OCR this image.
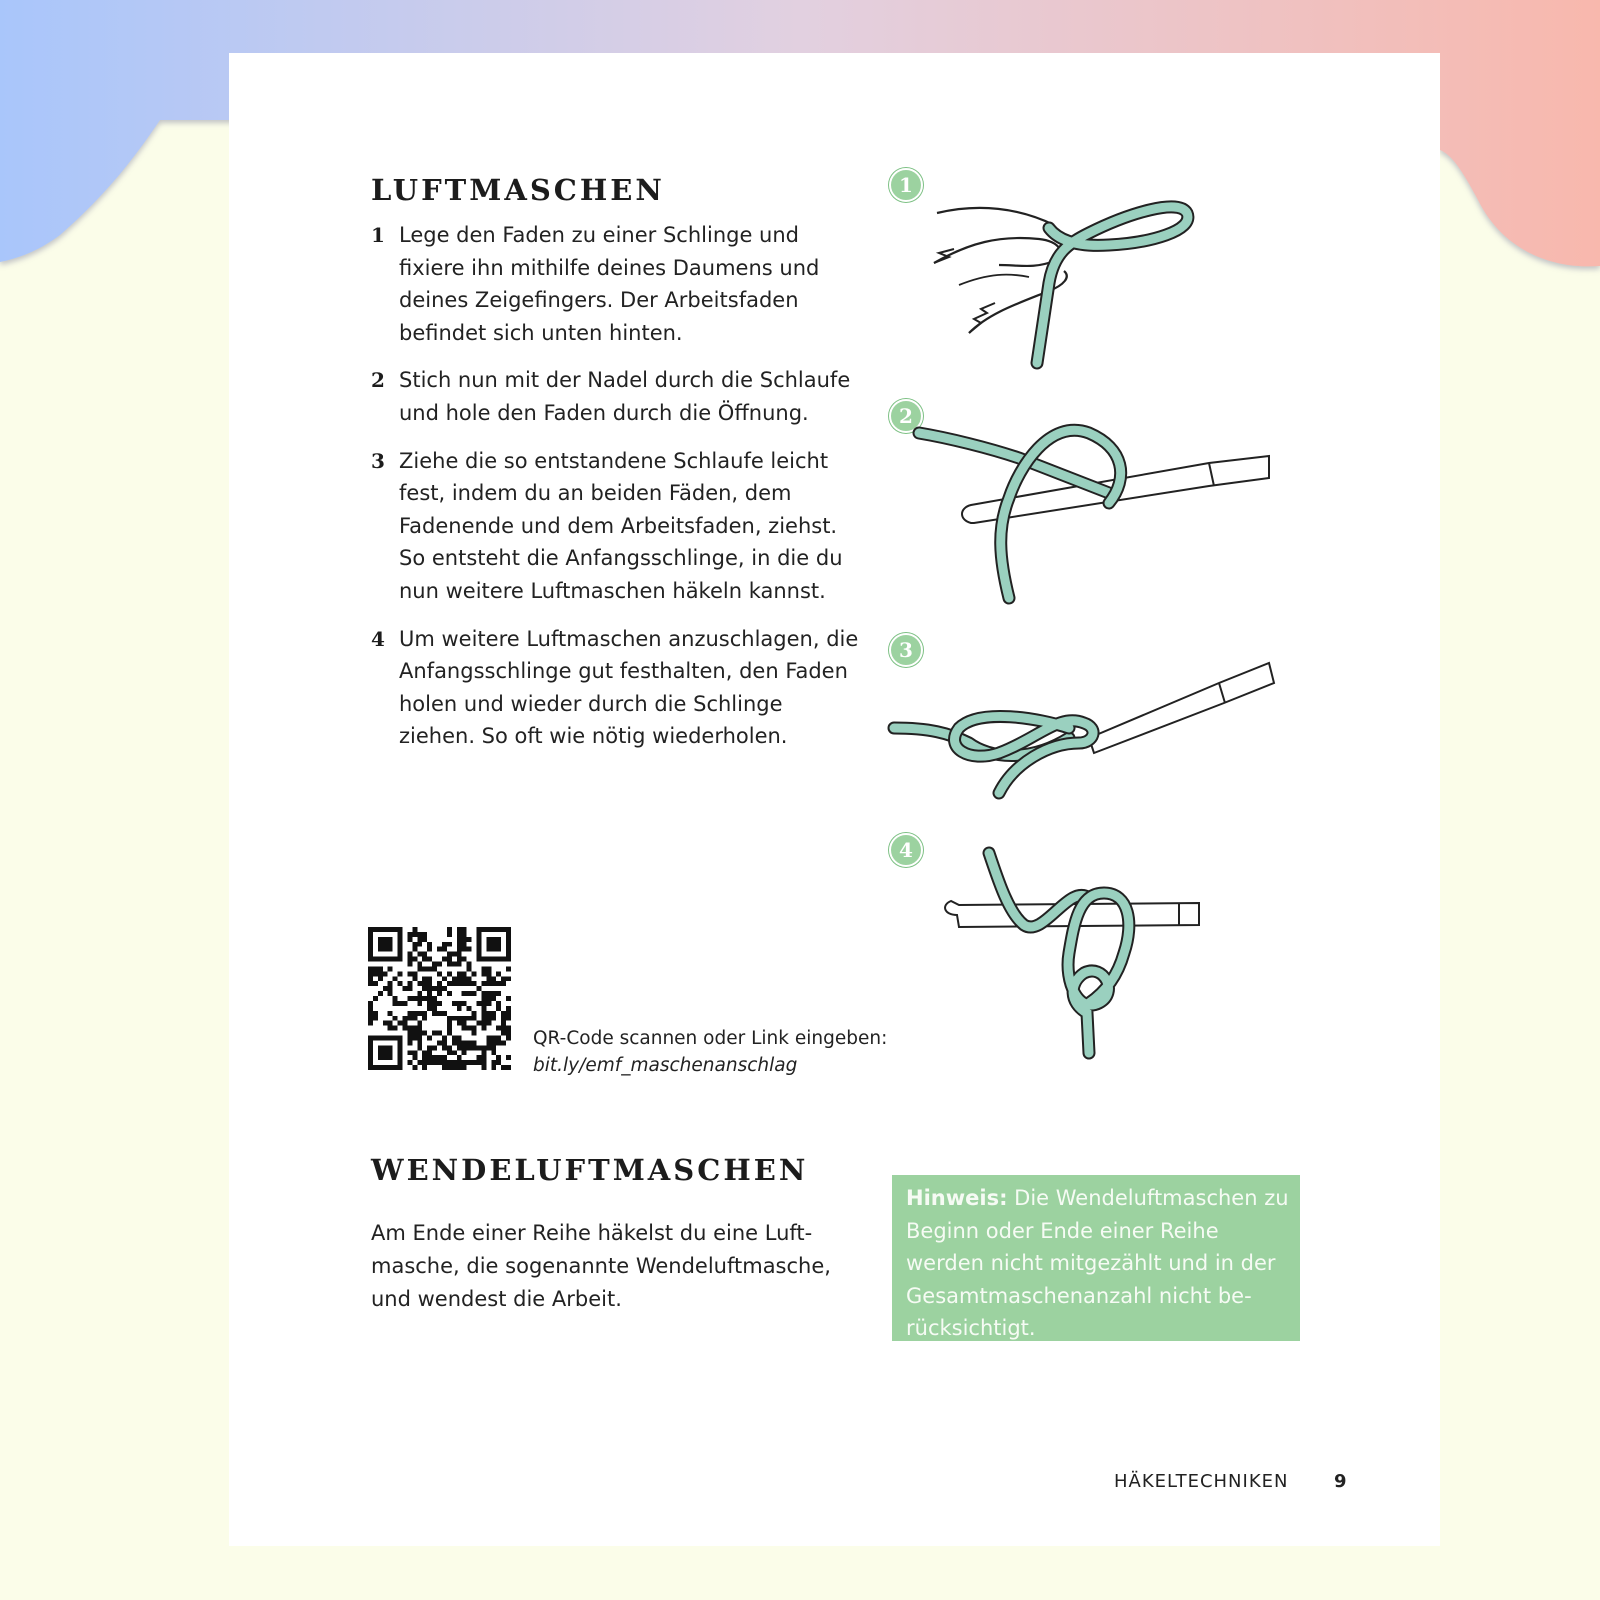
LUFTMASCHEN
1 Lege den Faden zu einer Schlinge und fixiere ihn mithilfe deines Daumens und deines Zeigefingers. Der Arbeitsfaden befindet sich unten hinten.
2 Stich nun mit der Nadel durch die Schlaufe und hole den Faden durch die Öffnung.
3 Ziehe die so entstandene Schlaufe leicht fest, indem du an beiden Fäden, dem Fadenende und dem Arbeitsfaden, ziehst. So entsteht die Anfangsschlinge, in die du nun weitere Luftmaschen häkeln kannst.
4 Um weitere Luftmaschen anzuschlagen, die Anfangsschlinge gut festhalten, den Faden holen und wieder durch die Schlinge ziehen. So oft wie nötig wiederholen.
QR-Code scannen oder Link eingeben:
bit.ly/emf_maschenanschlag
1
2
3
4
WENDELUFTMASCHEN

Am Ende einer Reihe häkelst du eine Luftmasche, die sogenannte Wendeluftmasche, und wendest die Arbeit.

Hinweis: Die Wendeluftmaschen zu Beginn oder Ende einer Reihe werden nicht mitgezählt und in der Gesamtmaschenanzahl nicht berücksichtigt.
HÄKELTECHNIKEN	9
